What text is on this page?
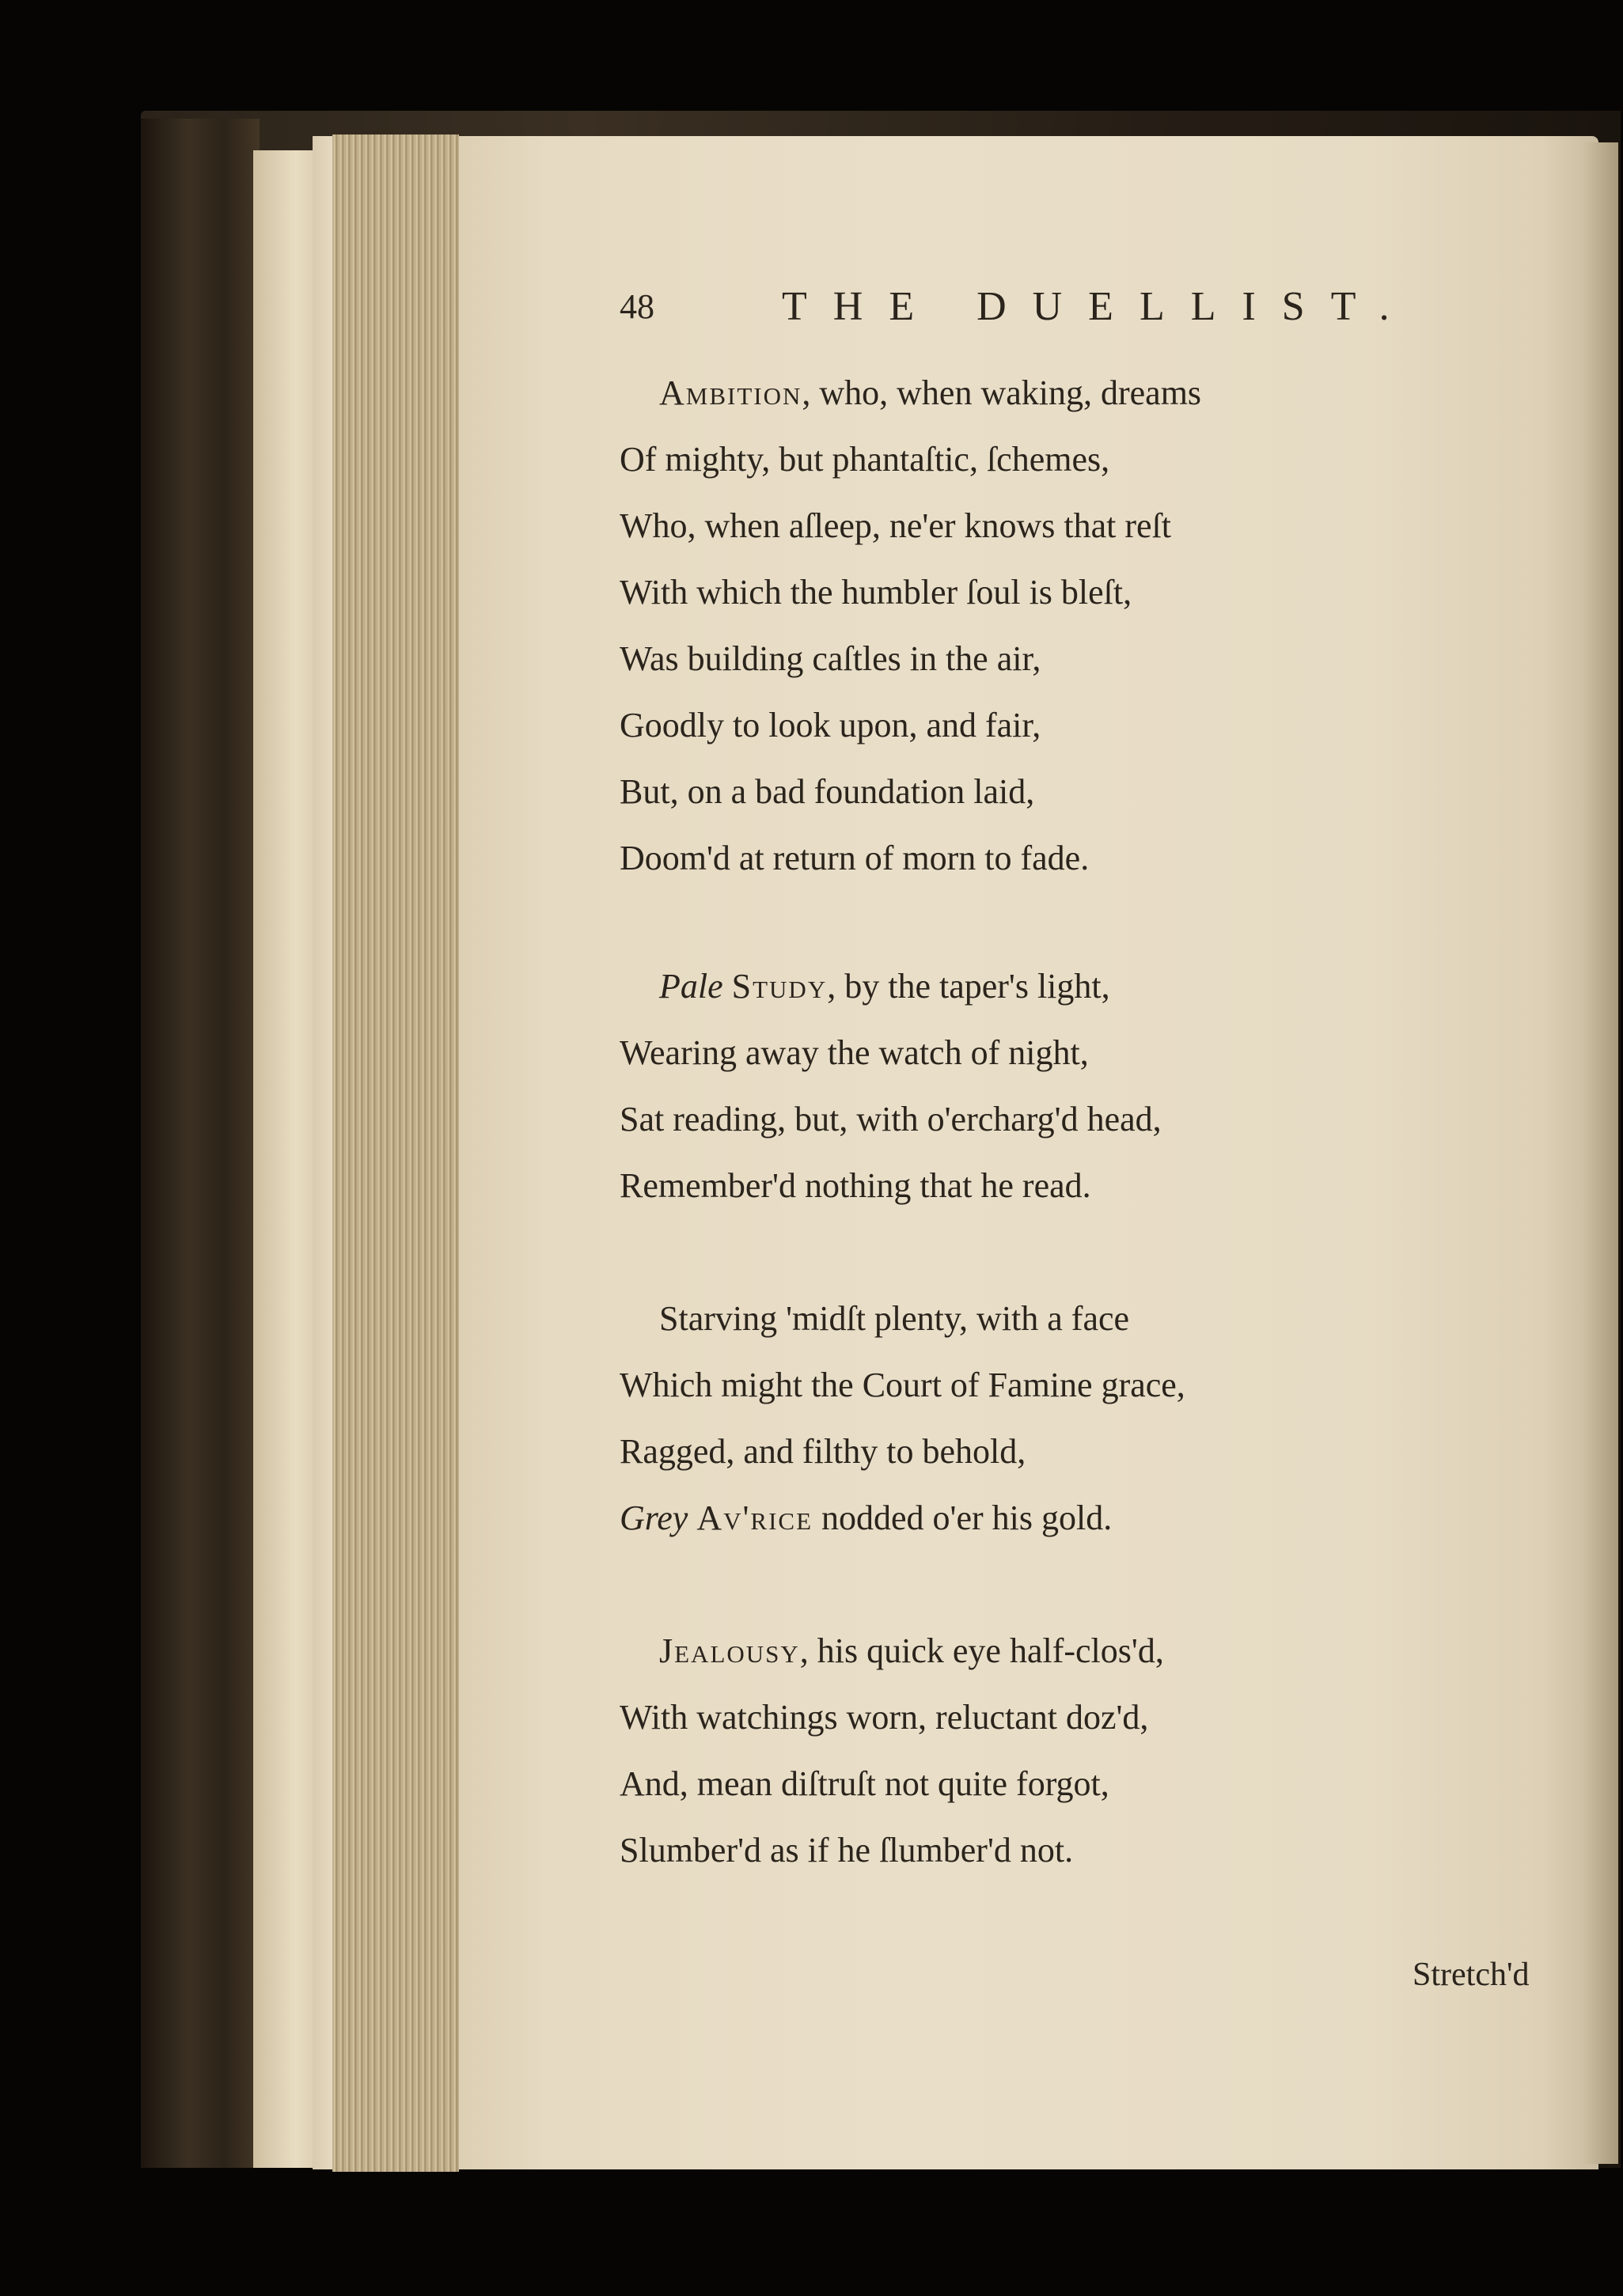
48	THE DUELLIST.
Ambition, who, when waking, dreams
Of mighty, but phantaſtic, ſchemes,
Who, when aſleep, ne'er knows that reſt
With which the humbler ſoul is bleſt,
Was building caſtles in the air,
Goodly to look upon, and fair,
But, on a bad foundation laid,
Doom'd at return of morn to fade.
Pale Study, by the taper's light,
Wearing away the watch of night,
Sat reading, but, with o'ercharg'd head,
Remember'd nothing that he read.
Starving 'midſt plenty, with a face
Which might the Court of Famine grace,
Ragged, and filthy to behold,
Grey Av'rice nodded o'er his gold.
Jealousy, his quick eye half-clos'd,
With watchings worn, reluctant doz'd,
And, mean diſtruſt not quite forgot,
Slumber'd as if he ſlumber'd not.
Stretch'd
